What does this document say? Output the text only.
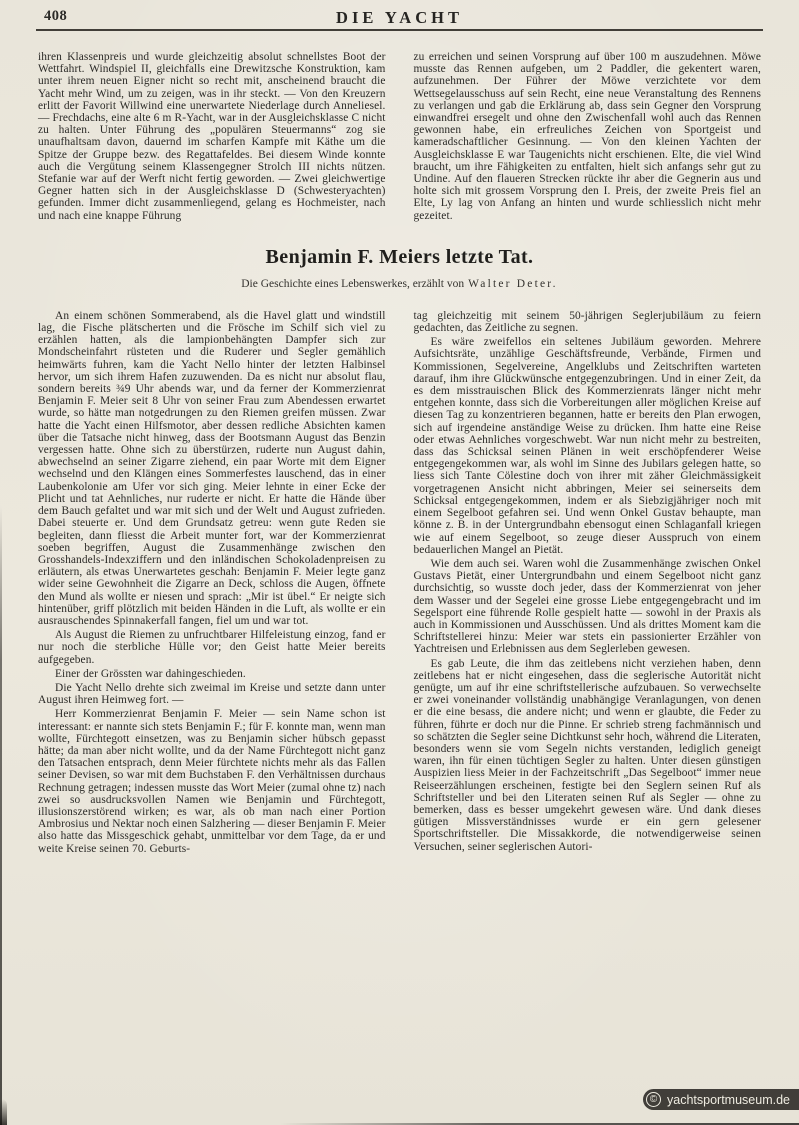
408	DIE YACHT
ihren Klassenpreis und wurde gleichzeitig absolut schnellstes Boot der Wettfahrt. Windspiel II, gleichfalls eine Drewitzsche Konstruktion, kam unter ihrem neuen Eigner nicht so recht mit, anscheinend braucht die Yacht mehr Wind, um zu zeigen, was in ihr steckt. — Von den Kreuzern erlitt der Favorit Willwind eine unerwartete Niederlage durch Anneliesel. — Frechdachs, eine alte 6 m R-Yacht, war in der Ausgleichsklasse C nicht zu halten. Unter Führung des „populären Steuermanns“ zog sie unaufhaltsam davon, dauernd im scharfen Kampfe mit Käthe um die Spitze der Gruppe bezw. des Regattafeldes. Bei diesem Winde konnte auch die Vergütung seinem Klassengegner Strolch III nichts nützen. Stefanie war auf der Werft nicht fertig geworden. — Zwei gleichwertige Gegner hatten sich in der Ausgleichsklasse D (Schwesteryachten) gefunden. Immer dicht zusammenliegend, gelang es Hochmeister, nach und nach eine knappe Führung
zu erreichen und seinen Vorsprung auf über 100 m auszudehnen. Möwe musste das Rennen aufgeben, um 2 Paddler, die gekentert waren, aufzunehmen. Der Führer der Möwe verzichtete vor dem Wettsegelausschuss auf sein Recht, eine neue Veranstaltung des Rennens zu verlangen und gab die Erklärung ab, dass sein Gegner den Vorsprung einwandfrei ersegelt und ohne den Zwischenfall wohl auch das Rennen gewonnen habe, ein erfreuliches Zeichen von Sportgeist und kameradschaftlicher Gesinnung. — Von den kleinen Yachten der Ausgleichsklasse E war Taugenichts nicht erschienen. Elte, die viel Wind braucht, um ihre Fähigkeiten zu entfalten, hielt sich anfangs sehr gut zu Undine. Auf den flaueren Strecken rückte ihr aber die Gegnerin aus und holte sich mit grossem Vorsprung den I. Preis, der zweite Preis fiel an Elte, Ly lag von Anfang an hinten und wurde schliesslich nicht mehr gezeitet.
Benjamin F. Meiers letzte Tat.

Die Geschichte eines Lebenswerkes, erzählt von Walter Deter.

An einem schönen Sommerabend, als die Havel glatt und windstill lag, die Fische plätscherten und die Frösche im Schilf sich viel zu erzählen hatten, als die lampionbehängten Dampfer sich zur Mondscheinfahrt rüsteten und die Ruderer und Segler gemählich heimwärts fuhren, kam die Yacht Nello hinter der letzten Halbinsel hervor, um sich ihrem Hafen zuzuwenden. Da es nicht nur absolut flau, sondern bereits ¾9 Uhr abends war, und da ferner der Kommerzienrat Benjamin F. Meier seit 8 Uhr von seiner Frau zum Abendessen erwartet wurde, so hätte man notgedrungen zu den Riemen greifen müssen. Zwar hatte die Yacht einen Hilfsmotor, aber dessen redliche Absichten kamen über die Tatsache nicht hinweg, dass der Bootsmann August das Benzin vergessen hatte. Ohne sich zu überstürzen, ruderte nun August dahin, abwechselnd an seiner Zigarre ziehend, ein paar Worte mit dem Eigner wechselnd und den Klängen eines Sommerfestes lauschend, das in einer Laubenkolonie am Ufer vor sich ging. Meier lehnte in einer Ecke der Plicht und tat Aehnliches, nur ruderte er nicht. Er hatte die Hände über dem Bauch gefaltet und war mit sich und der Welt und August zufrieden. Dabei steuerte er. Und dem Grundsatz getreu: wenn gute Reden sie begleiten, dann fliesst die Arbeit munter fort, war der Kommerzienrat soeben begriffen, August die Zusammenhänge zwischen den Grosshandels-Indexziffern und den inländischen Schokoladenpreisen zu erläutern, als etwas Unerwartetes geschah: Benjamin F. Meier legte ganz wider seine Gewohnheit die Zigarre an Deck, schloss die Augen, öffnete den Mund als wollte er niesen und sprach: „Mir ist übel.“ Er neigte sich hintenüber, griff plötzlich mit beiden Händen in die Luft, als wollte er ein ausrauschendes Spinnakerfall fangen, fiel um und war tot.

Als August die Riemen zu unfruchtbarer Hilfeleistung einzog, fand er nur noch die sterbliche Hülle vor; den Geist hatte Meier bereits aufgegeben.

Einer der Grössten war dahingeschieden.

Die Yacht Nello drehte sich zweimal im Kreise und setzte dann unter August ihren Heimweg fort. —

Herr Kommerzienrat Benjamin F. Meier — sein Name schon ist interessant: er nannte sich stets Benjamin F.; für F. konnte man, wenn man wollte, Fürchtegott einsetzen, was zu Benjamin sicher hübsch gepasst hätte; da man aber nicht wollte, und da der Name Fürchtegott nicht ganz den Tatsachen entsprach, denn Meier fürchtete nichts mehr als das Fallen seiner Devisen, so war mit dem Buchstaben F. den Verhältnissen durchaus Rechnung getragen; indessen musste das Wort Meier (zumal ohne tz) nach zwei so ausdrucksvollen Namen wie Benjamin und Fürchtegott, illusionszerstörend wirken; es war, als ob man nach einer Portion Ambrosius und Nektar noch einen Salzhering — dieser Benjamin F. Meier also hatte das Missgeschick gehabt, unmittelbar vor dem Tage, da er und weite Kreise seinen 70. Geburts-

tag gleichzeitig mit seinem 50-jährigen Seglerjubiläum zu feiern gedachten, das Zeitliche zu segnen.

Es wäre zweifellos ein seltenes Jubiläum geworden. Mehrere Aufsichtsräte, unzählige Geschäftsfreunde, Verbände, Firmen und Kommissionen, Segelvereine, Angelklubs und Zeitschriften warteten darauf, ihm ihre Glückwünsche entgegenzubringen. Und in einer Zeit, da es dem misstrauischen Blick des Kommerzienrats länger nicht mehr entgehen konnte, dass sich die Vorbereitungen aller möglichen Kreise auf diesen Tag zu konzentrieren begannen, hatte er bereits den Plan erwogen, sich auf irgendeine anständige Weise zu drücken. Ihm hatte eine Reise oder etwas Aehnliches vorgeschwebt. War nun nicht mehr zu bestreiten, dass das Schicksal seinen Plänen in weit erschöpfenderer Weise entgegengekommen war, als wohl im Sinne des Jubilars gelegen hatte, so liess sich Tante Cölestine doch von ihrer mit zäher Gleichmässigkeit vorgetragenen Ansicht nicht abbringen, Meier sei seinerseits dem Schicksal entgegengekommen, indem er als Siebzigjähriger noch mit einem Segelboot gefahren sei. Und wenn Onkel Gustav behaupte, man könne z. B. in der Untergrundbahn ebensogut einen Schlaganfall kriegen wie auf einem Segelboot, so zeuge dieser Ausspruch von einem bedauerlichen Mangel an Pietät.

Wie dem auch sei. Waren wohl die Zusammenhänge zwischen Onkel Gustavs Pietät, einer Untergrundbahn und einem Segelboot nicht ganz durchsichtig, so wusste doch jeder, dass der Kommerzienrat von jeher dem Wasser und der Segelei eine grosse Liebe entgegengebracht und im Segelsport eine führende Rolle gespielt hatte — sowohl in der Praxis als auch in Kommissionen und Ausschüssen. Und als drittes Moment kam die Schriftstellerei hinzu: Meier war stets ein passionierter Erzähler von Yachtreisen und Erlebnissen aus dem Seglerleben gewesen.

Es gab Leute, die ihm das zeitlebens nicht verziehen haben, denn zeitlebens hat er nicht eingesehen, dass die seglerische Autorität nicht genügte, um auf ihr eine schriftstellerische aufzubauen. So verwechselte er zwei voneinander vollständig unabhängige Veranlagungen, von denen er die eine besass, die andere nicht; und wenn er glaubte, die Feder zu führen, führte er doch nur die Pinne. Er schrieb streng fachmännisch und so schätzten die Segler seine Dichtkunst sehr hoch, während die Literaten, besonders wenn sie vom Segeln nichts verstanden, lediglich geneigt waren, ihn für einen tüchtigen Segler zu halten. Unter diesen günstigen Auspizien liess Meier in der Fachzeitschrift „Das Segelboot“ immer neue Reiseerzählungen erscheinen, festigte bei den Seglern seinen Ruf als Schriftsteller und bei den Literaten seinen Ruf als Segler — ohne zu bemerken, dass es besser umgekehrt gewesen wäre. Und dank dieses gütigen Missverständnisses wurde er ein gern gelesener Sportschriftsteller. Die Missakkorde, die notwendigerweise seinen Versuchen, seiner seglerischen Autori-

© yachtsportmuseum.de
